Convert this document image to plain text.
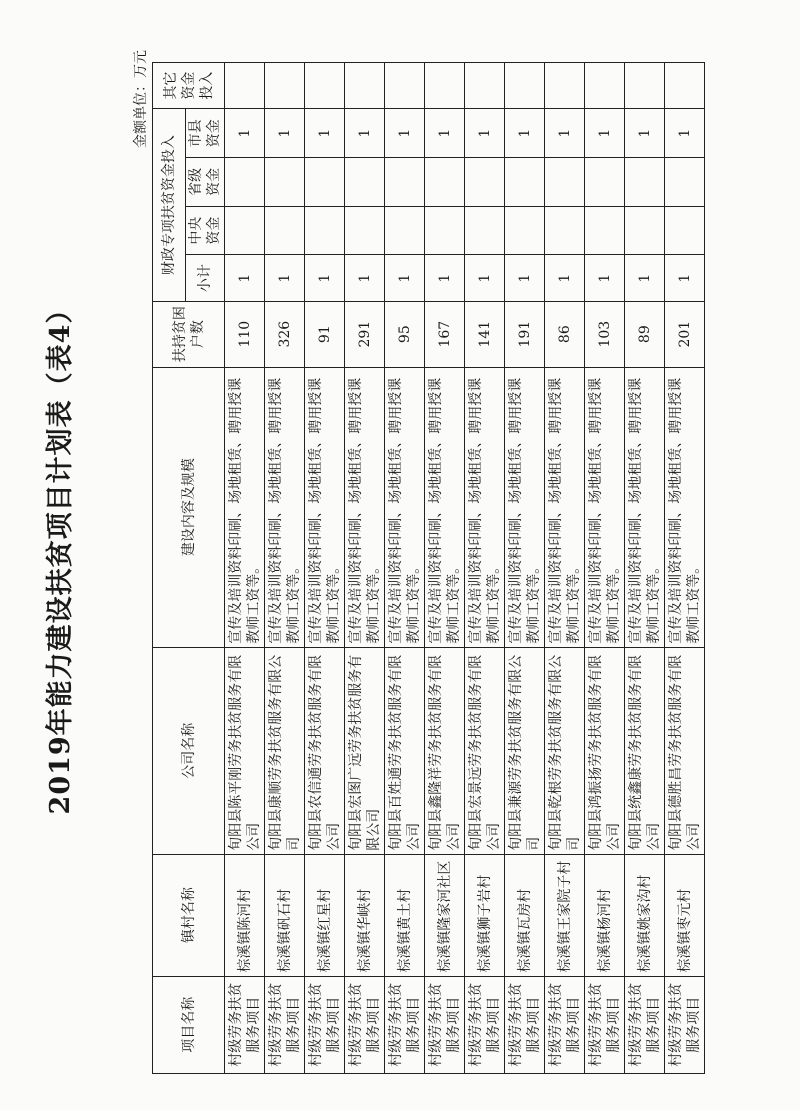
2019年能力建设扶贫项目计划表（表4）
金额单位：万元
项目名称	镇村名称	公司名称	建设内容及规模	扶持贫困户数	财政专项扶贫资金投入				其它资金投入
					小计	中央资金	省级资金	市县资金	
村级劳务扶贫服务项目	棕溪镇陈河村	旬阳县陈平刚劳务扶贫服务有限公司	宣传及培训资料印刷、场地租赁、聘用授课教师工资等。	110	1			1	
村级劳务扶贫服务项目	棕溪镇矾石村	旬阳县康顺劳务扶贫服务有限公司	宣传及培训资料印刷、场地租赁、聘用授课教师工资等。	326	1			1	
村级劳务扶贫服务项目	棕溪镇红星村	旬阳县农信通劳务扶贫服务有限公司	宣传及培训资料印刷、场地租赁、聘用授课教师工资等。	91	1			1	
村级劳务扶贫服务项目	棕溪镇华峡村	旬阳县宏图广远劳务扶贫服务有限公司	宣传及培训资料印刷、场地租赁、聘用授课教师工资等。	291	1			1	
村级劳务扶贫服务项目	棕溪镇黄土村	旬阳县百姓通劳务扶贫服务有限公司	宣传及培训资料印刷、场地租赁、聘用授课教师工资等。	95	1			1	
村级劳务扶贫服务项目	棕溪镇隆家河社区	旬阳县鑫隆祥劳务扶贫服务有限公司	宣传及培训资料印刷、场地租赁、聘用授课教师工资等。	167	1			1	
村级劳务扶贫服务项目	棕溪镇狮子岩村	旬阳县宏景远劳务扶贫服务有限公司	宣传及培训资料印刷、场地租赁、聘用授课教师工资等。	141	1			1	
村级劳务扶贫服务项目	棕溪镇瓦房村	旬阳县兼源劳务扶贫服务有限公司	宣传及培训资料印刷、场地租赁、聘用授课教师工资等。	191	1			1	
村级劳务扶贫服务项目	棕溪镇王家院子村	旬阳县乾根劳务扶贫服务有限公司	宣传及培训资料印刷、场地租赁、聘用授课教师工资等。	86	1			1	
村级劳务扶贫服务项目	棕溪镇杨河村	旬阳县鸿振扬劳务扶贫服务有限公司	宣传及培训资料印刷、场地租赁、聘用授课教师工资等。	103	1			1	
村级劳务扶贫服务项目	棕溪镇姚家沟村	旬阳县统鑫康劳务扶贫服务有限公司	宣传及培训资料印刷、场地租赁、聘用授课教师工资等。	89	1			1	
村级劳务扶贫服务项目	棕溪镇枣元村	旬阳县德胜昌劳务扶贫服务有限公司	宣传及培训资料印刷、场地租赁、聘用授课教师工资等。	201	1			1	
